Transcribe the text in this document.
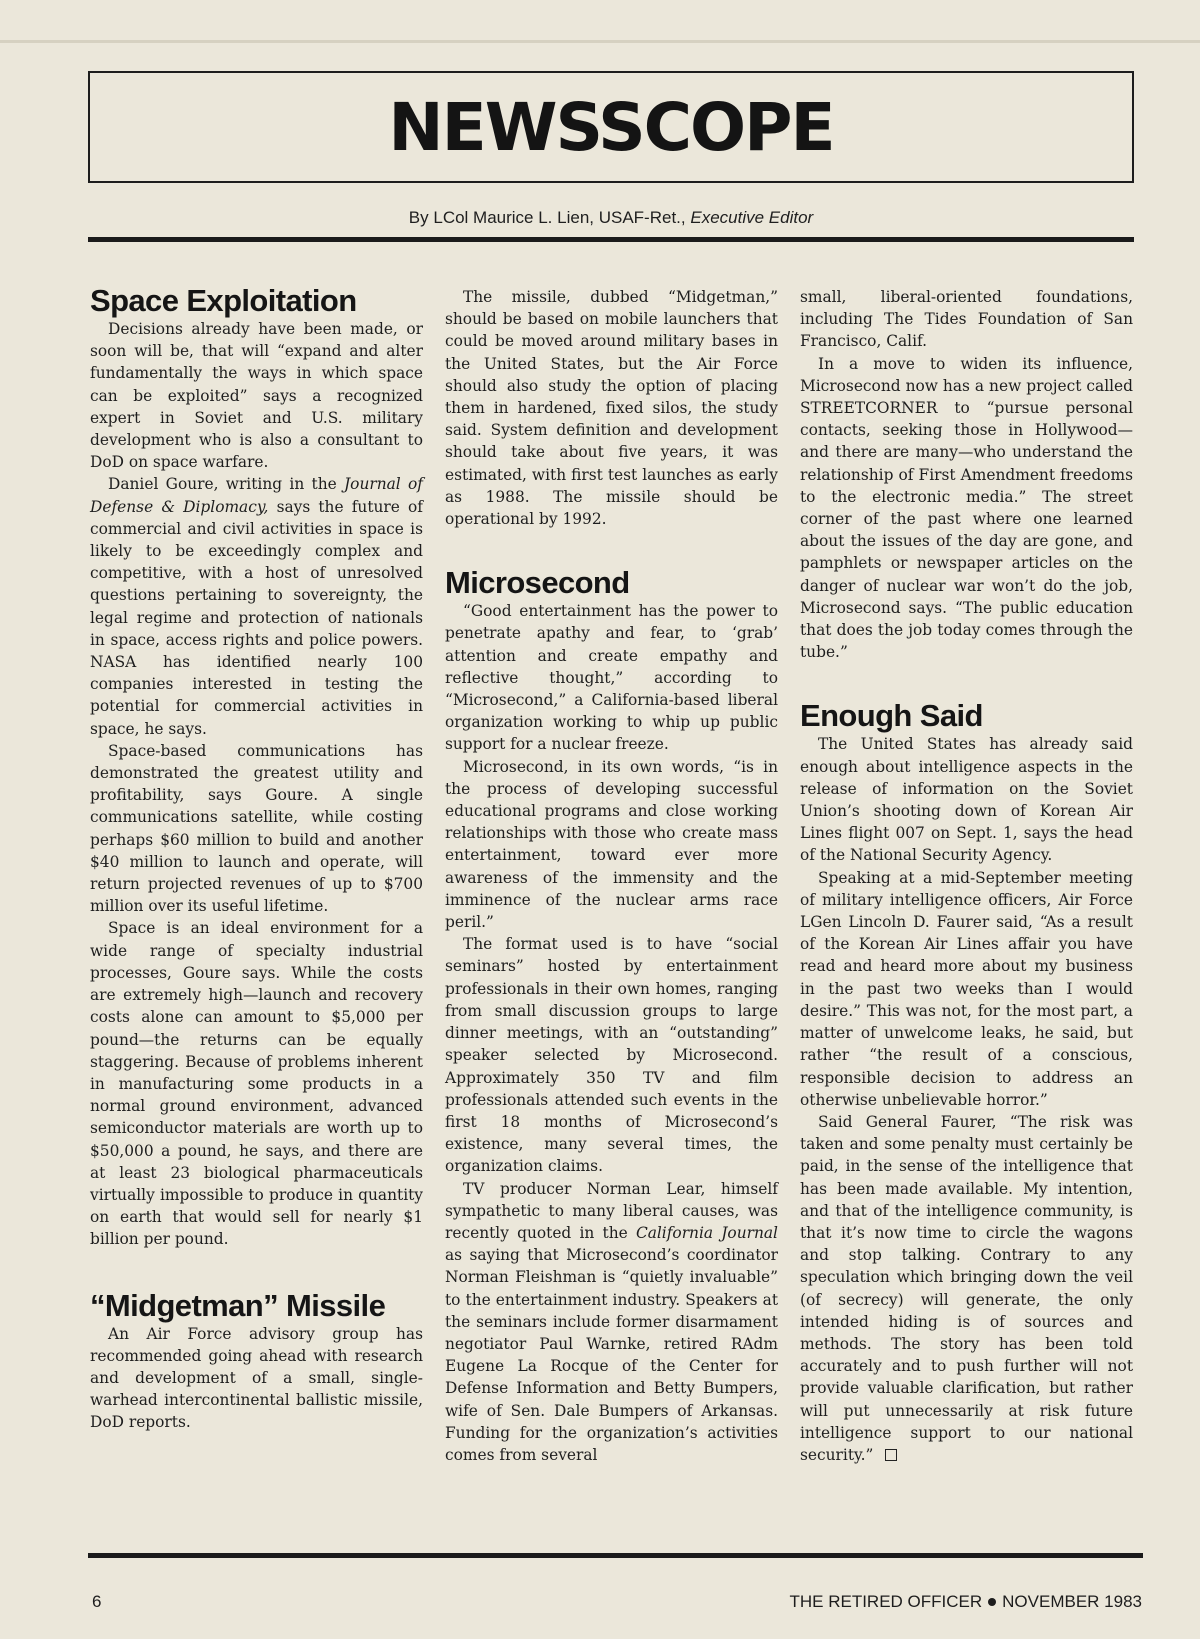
NEWSSCOPE
By LCol Maurice L. Lien, USAF-Ret., Executive Editor
Space Exploitation

Decisions already have been made, or soon will be, that will “expand and alter fundamentally the ways in which space can be exploited” says a recognized expert in Soviet and U.S. military development who is also a consultant to DoD on space warfare.

Daniel Goure, writing in the Journal of Defense & Diplomacy, says the future of commercial and civil activities in space is likely to be exceedingly complex and competitive, with a host of unresolved questions pertaining to sovereignty, the legal regime and protection of nationals in space, access rights and police powers. NASA has identified nearly 100 companies interested in testing the potential for commercial activities in space, he says.

Space-based communications has demonstrated the greatest utility and profitability, says Goure. A single communications satellite, while costing perhaps $60 million to build and another $40 million to launch and operate, will return projected revenues of up to $700 million over its useful lifetime.

Space is an ideal environment for a wide range of specialty industrial processes, Goure says. While the costs are extremely high—launch and recovery costs alone can amount to $5,000 per pound—the returns can be equally staggering. Because of problems inherent in manufacturing some products in a normal ground environment, advanced semiconductor materials are worth up to $50,000 a pound, he says, and there are at least 23 biological pharmaceuticals virtually impossible to produce in quantity on earth that would sell for nearly $1 billion per pound.

“Midgetman” Missile

An Air Force advisory group has recommended going ahead with research and development of a small, single-warhead intercontinental ballistic missile, DoD reports.

The missile, dubbed “Midgetman,” should be based on mobile launchers that could be moved around military bases in the United States, but the Air Force should also study the option of placing them in hardened, fixed silos, the study said. System definition and development should take about five years, it was estimated, with first test launches as early as 1988. The missile should be operational by 1992.

Microsecond

“Good entertainment has the power to penetrate apathy and fear, to ‘grab’ attention and create empathy and reflective thought,” according to “Microsecond,” a California-based liberal organization working to whip up public support for a nuclear freeze.

Microsecond, in its own words, “is in the process of developing successful educational programs and close working relationships with those who create mass entertainment, toward ever more awareness of the immensity and the imminence of the nuclear arms race peril.”

The format used is to have “social seminars” hosted by entertainment professionals in their own homes, ranging from small discussion groups to large dinner meetings, with an “outstanding” speaker selected by Microsecond. Approximately 350 TV and film professionals attended such events in the first 18 months of Microsecond’s existence, many several times, the organization claims.

TV producer Norman Lear, himself sympathetic to many liberal causes, was recently quoted in the California Journal as saying that Microsecond’s coordinator Norman Fleishman is “quietly invaluable” to the entertainment industry. Speakers at the seminars include former disarmament negotiator Paul Warnke, retired RAdm Eugene La Rocque of the Center for Defense Information and Betty Bumpers, wife of Sen. Dale Bumpers of Arkansas. Funding for the organization’s activities comes from several

small, liberal-oriented foundations, including The Tides Foundation of San Francisco, Calif.

In a move to widen its influence, Microsecond now has a new project called STREETCORNER to “pursue personal contacts, seeking those in Hollywood—and there are many—who understand the relationship of First Amendment freedoms to the electronic media.” The street corner of the past where one learned about the issues of the day are gone, and pamphlets or newspaper articles on the danger of nuclear war won’t do the job, Microsecond says. “The public education that does the job today comes through the tube.”

Enough Said

The United States has already said enough about intelligence aspects in the release of information on the Soviet Union’s shooting down of Korean Air Lines flight 007 on Sept. 1, says the head of the National Security Agency.

Speaking at a mid-September meeting of military intelligence officers, Air Force LGen Lincoln D. Faurer said, “As a result of the Korean Air Lines affair you have read and heard more about my business in the past two weeks than I would desire.” This was not, for the most part, a matter of unwelcome leaks, he said, but rather “the result of a conscious, responsible decision to address an otherwise unbelievable horror.”

Said General Faurer, “The risk was taken and some penalty must certainly be paid, in the sense of the intelligence that has been made available. My intention, and that of the intelligence community, is that it’s now time to circle the wagons and stop talking. Contrary to any speculation which bringing down the veil (of secrecy) will generate, the only intended hiding is of sources and methods. The story has been told accurately and to push further will not provide valuable clarification, but rather will put unnecessarily at risk future intelligence support to our national security.”

6	THE RETIRED OFFICER NOVEMBER 1983
